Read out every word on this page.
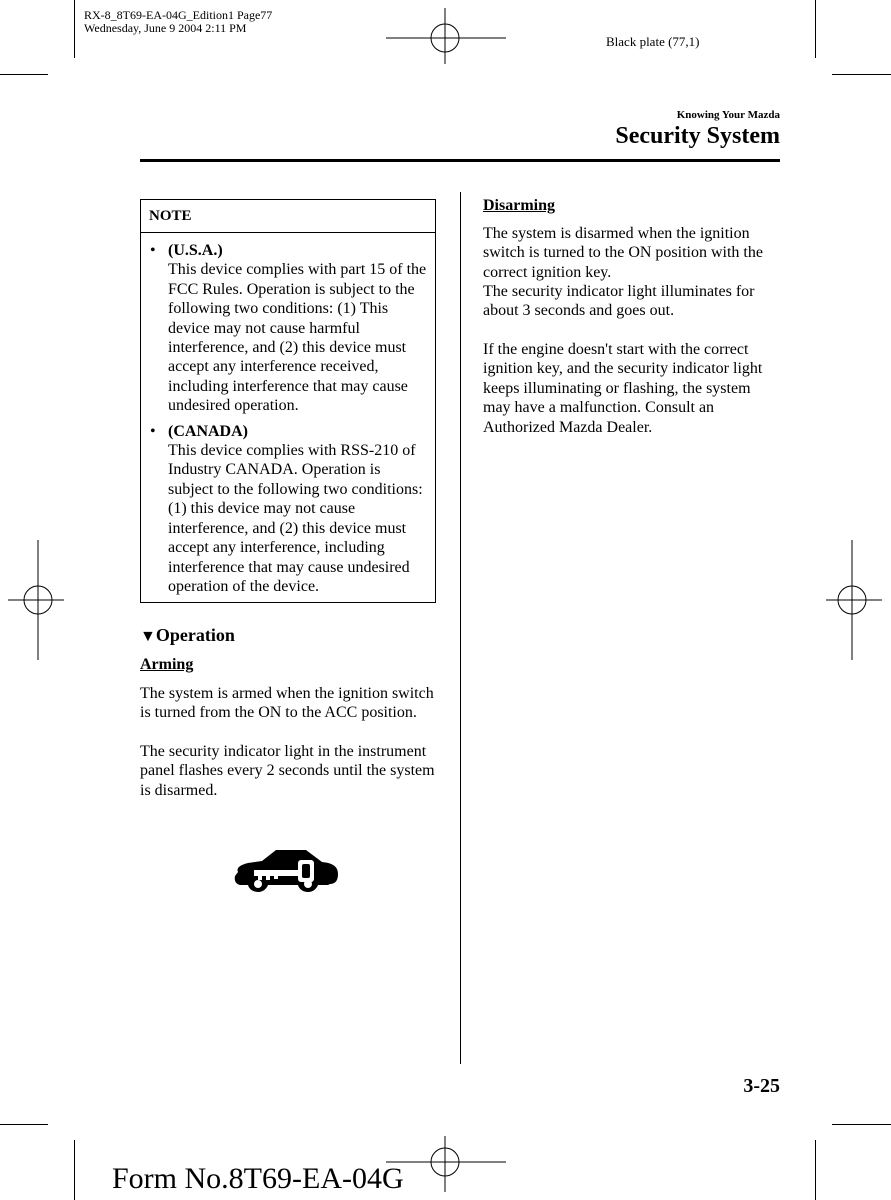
RX-8_8T69-EA-04G_Edition1 Page77
Wednesday, June 9 2004 2:11 PM
Black plate (77,1)
Knowing Your Mazda
Security System
NOTE
• (U.S.A.)
This device complies with part 15 of the FCC Rules. Operation is subject to the following two conditions: (1) This device may not cause harmful interference, and (2) this device must accept any interference received, including interference that may cause undesired operation.
• (CANADA)
This device complies with RSS-210 of Industry CANADA. Operation is subject to the following two conditions: (1) this device may not cause interference, and (2) this device must accept any interference, including interference that may cause undesired operation of the device.
▼Operation
Arming
The system is armed when the ignition switch is turned from the ON to the ACC position.
The security indicator light in the instrument panel flashes every 2 seconds until the system is disarmed.
Disarming
The system is disarmed when the ignition switch is turned to the ON position with the correct ignition key.
The security indicator light illuminates for about 3 seconds and goes out.
If the engine doesn't start with the correct ignition key, and the security indicator light keeps illuminating or flashing, the system may have a malfunction. Consult an Authorized Mazda Dealer.
3-25
Form No.8T69-EA-04G
